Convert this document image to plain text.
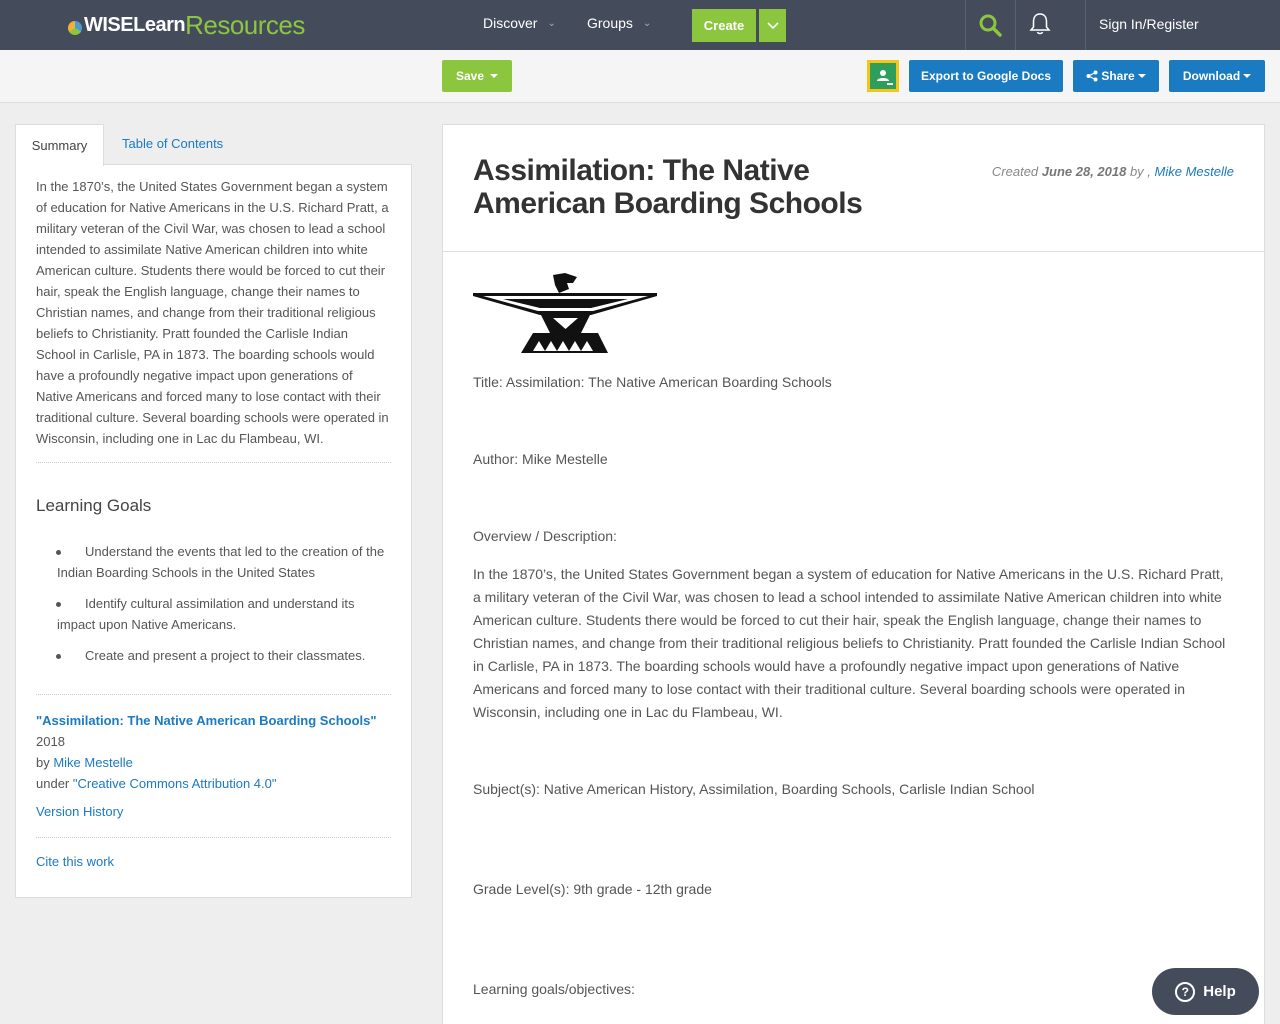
WISELearn Resources	Discover ⌄ Groups ⌄	Create	Sign In/Register
Save	Export to Google Docs	Share	Download
Summary	Table of Contents
In the 1870’s, the United States Government began a system of education for Native Americans in the U.S. Richard Pratt, a military veteran of the Civil War, was chosen to lead a school intended to assimilate Native American children into white American culture. Students there would be forced to cut their hair, speak the English language, change their names to Christian names, and change from their traditional religious beliefs to Christianity. Pratt founded the Carlisle Indian School in Carlisle, PA in 1873. The boarding schools would have a profoundly negative impact upon generations of Native Americans and forced many to lose contact with their traditional culture. Several boarding schools were operated in Wisconsin, including one in Lac du Flambeau, WI.
Learning Goals
Understand the events that led to the creation of the Indian Boarding Schools in the United States
Identify cultural assimilation and understand its impact upon Native Americans.
Create and present a project to their classmates.
"Assimilation: The Native American Boarding Schools" 2018
by Mike Mestelle
under "Creative Commons Attribution 4.0"
Version History
Cite this work
Assimilation: The Native American Boarding Schools
Created June 28, 2018 by , Mike Mestelle
Title: Assimilation: The Native American Boarding Schools
Author: Mike Mestelle
Overview / Description:
In the 1870’s, the United States Government began a system of education for Native Americans in the U.S. Richard Pratt, a military veteran of the Civil War, was chosen to lead a school intended to assimilate Native American children into white American culture. Students there would be forced to cut their hair, speak the English language, change their names to Christian names, and change from their traditional religious beliefs to Christianity. Pratt founded the Carlisle Indian School in Carlisle, PA in 1873. The boarding schools would have a profoundly negative impact upon generations of Native Americans and forced many to lose contact with their traditional culture. Several boarding schools were operated in Wisconsin, including one in Lac du Flambeau, WI.
Subject(s): Native American History, Assimilation, Boarding Schools, Carlisle Indian School
Grade Level(s): 9th grade - 12th grade
Learning goals/objectives:	? Help
